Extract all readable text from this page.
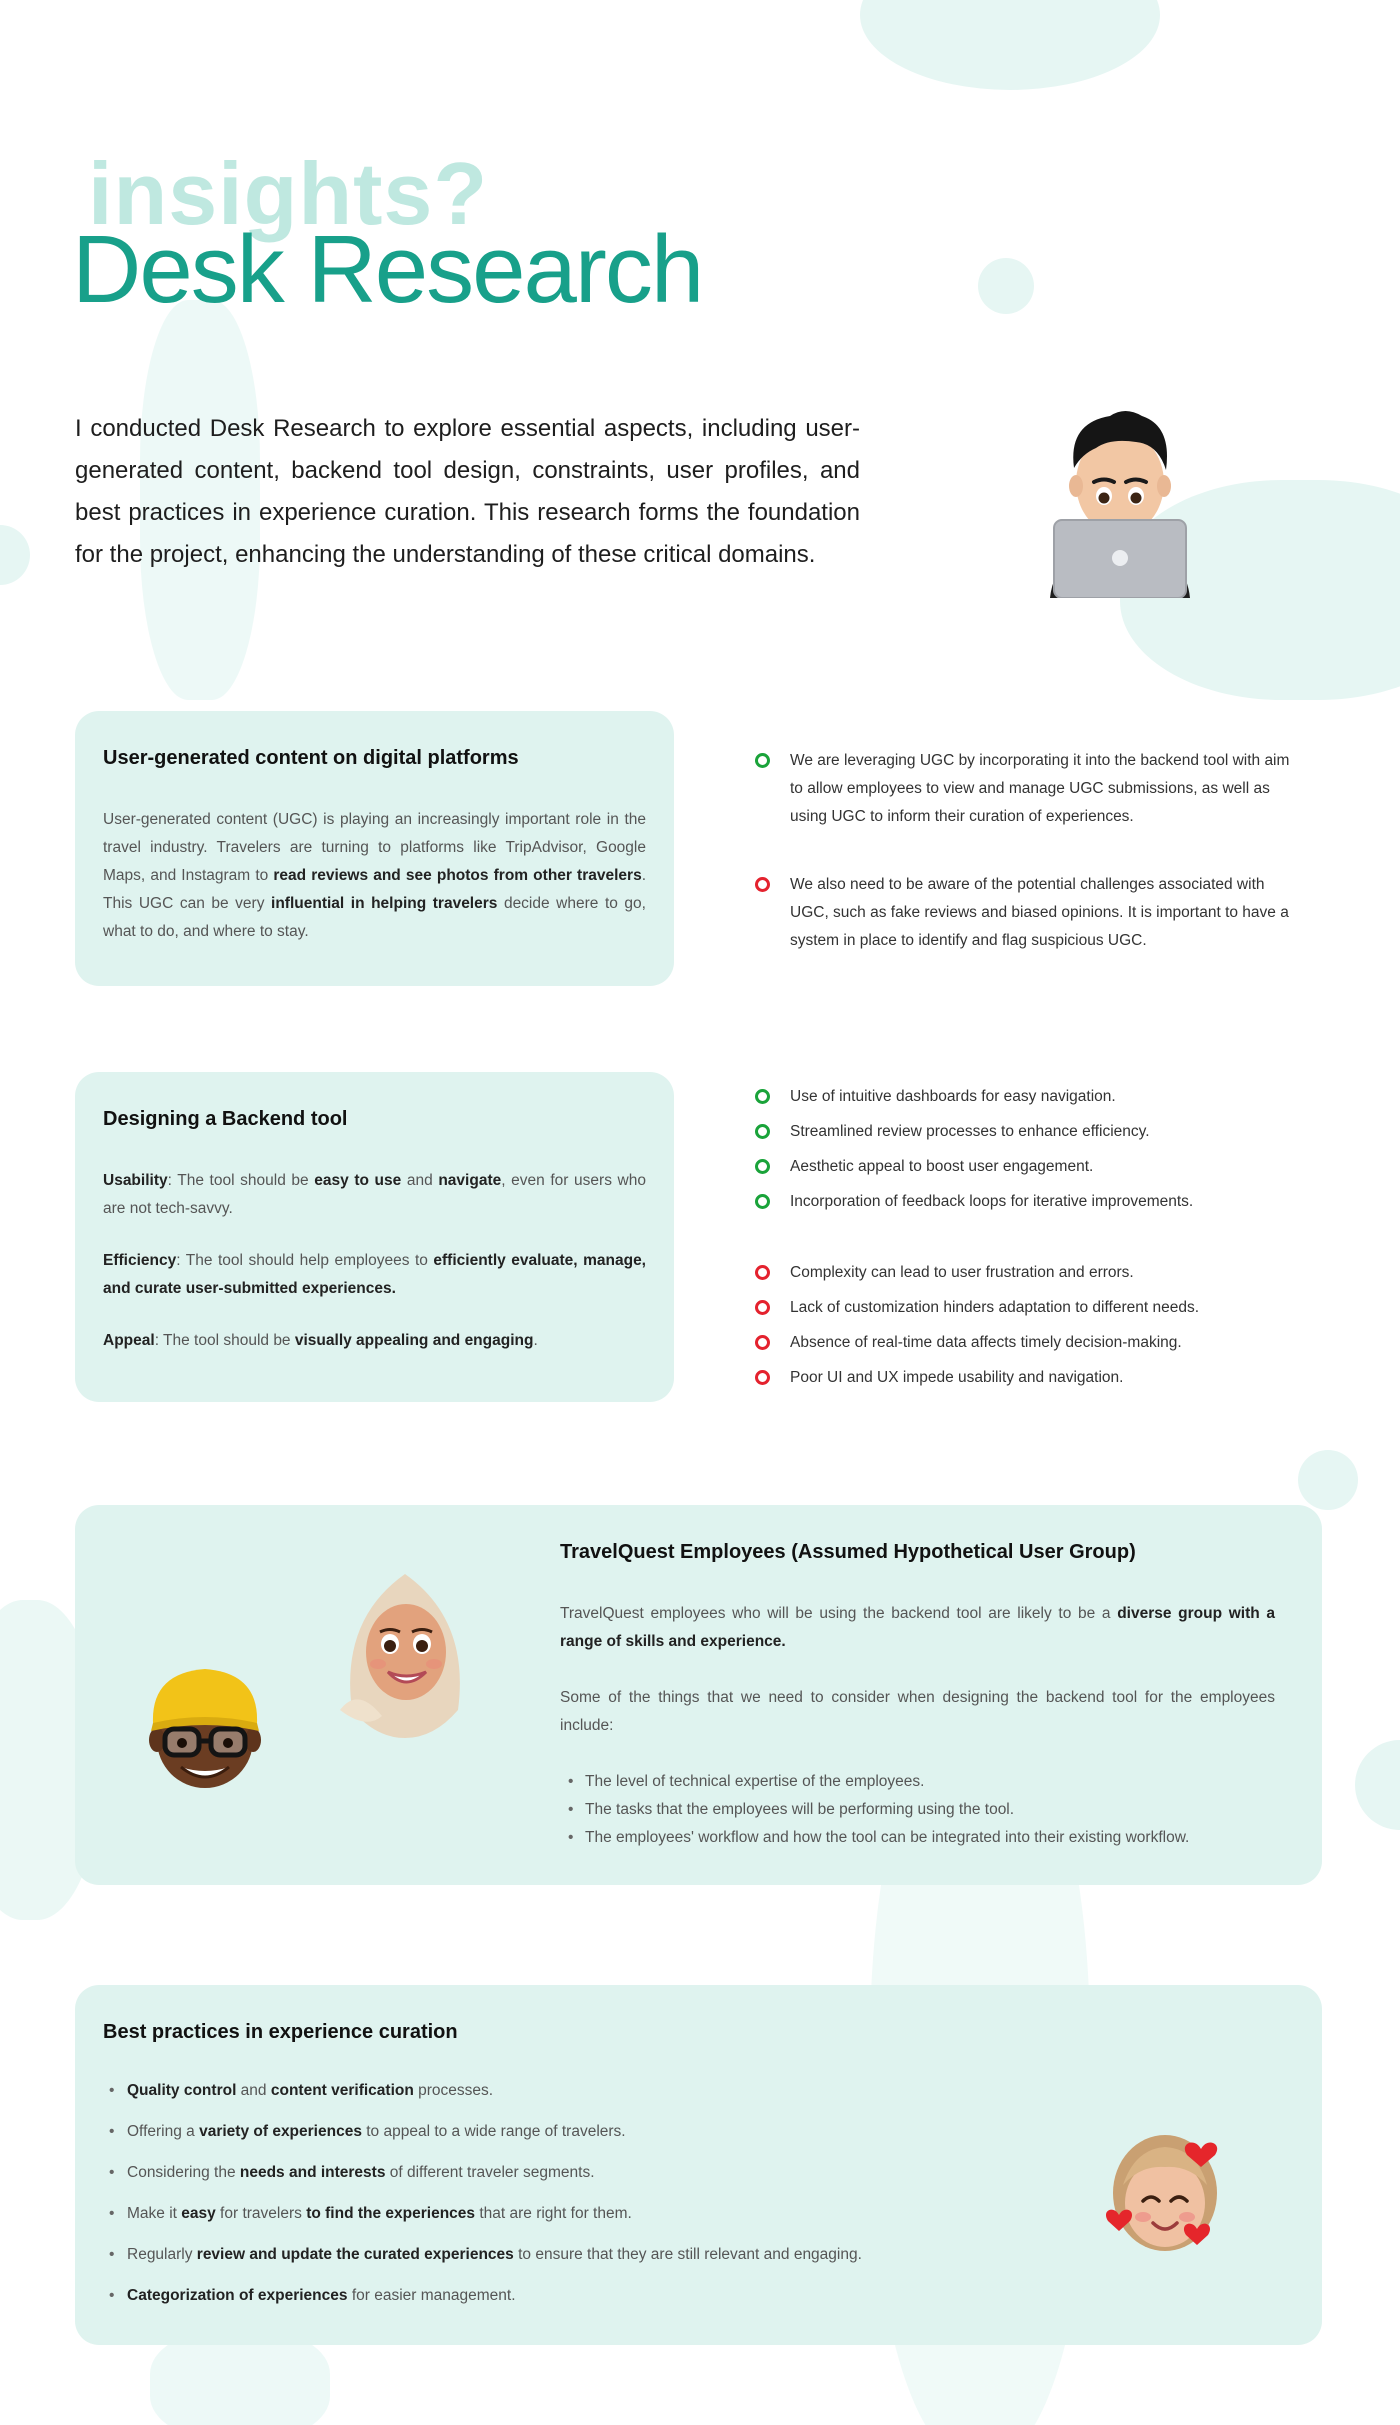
insights?
Desk Research

I conducted Desk Research to explore essential aspects, including user-generated content, backend tool design, constraints, user profiles, and best practices in experience curation. This research forms the foundation for the project, enhancing the understanding of these critical domains.

User-generated content on digital platforms

User-generated content (UGC) is playing an increasingly important role in the travel industry. Travelers are turning to platforms like TripAdvisor, Google Maps, and Instagram to read reviews and see photos from other travelers. This UGC can be very influential in helping travelers decide where to go, what to do, and where to stay.

We are leveraging UGC by incorporating it into the backend tool with aim to allow employees to view and manage UGC submissions, as well as using UGC to inform their curation of experiences.
We also need to be aware of the potential challenges associated with UGC, such as fake reviews and biased opinions. It is important to have a system in place to identify and flag suspicious UGC.
Designing a Backend tool
Usability: The tool should be easy to use and navigate, even for users who are not tech-savvy.
Efficiency: The tool should help employees to efficiently evaluate, manage, and curate user-submitted experiences.
Appeal: The tool should be visually appealing and engaging.
Use of intuitive dashboards for easy navigation.
Streamlined review processes to enhance efficiency.
Aesthetic appeal to boost user engagement.
Incorporation of feedback loops for iterative improvements.
Complexity can lead to user frustration and errors.
Lack of customization hinders adaptation to different needs.
Absence of real-time data affects timely decision-making.
Poor UI and UX impede usability and navigation.
TravelQuest Employees (Assumed Hypothetical User Group)

TravelQuest employees who will be using the backend tool are likely to be a diverse group with a range of skills and experience.

Some of the things that we need to consider when designing the backend tool for the employees include:

• The level of technical expertise of the employees.
• The tasks that the employees will be performing using the tool.
• The employees' workflow and how the tool can be integrated into their existing workflow.
Best practices in experience curation
• Quality control and content verification processes.
• Offering a variety of experiences to appeal to a wide range of travelers.
• Considering the needs and interests of different traveler segments.
• Make it easy for travelers to find the experiences that are right for them.
• Regularly review and update the curated experiences to ensure that they are still relevant and engaging.
• Categorization of experiences for easier management.
